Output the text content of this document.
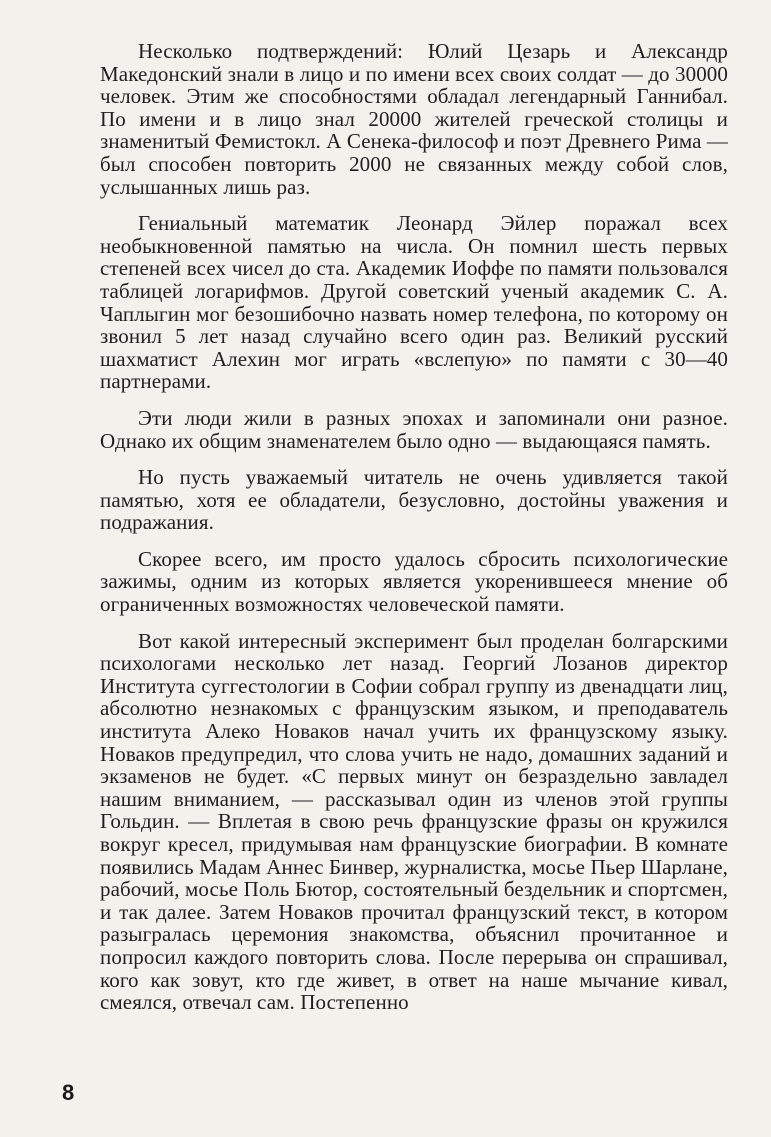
Несколько подтверждений: Юлий Цезарь и Александр Македонский знали в лицо и по имени всех своих солдат — до 30000 человек. Этим же способностями обладал легендарный Ганнибал. По имени и в лицо знал 20000 жителей греческой столицы и знаменитый Фемистокл. А Сенека-философ и поэт Древнего Рима — был способен повторить 2000 не связанных между собой слов, услышанных лишь раз.

Гениальный математик Леонард Эйлер поражал всех необыкновенной памятью на числа. Он помнил шесть первых степеней всех чисел до ста. Академик Иоффе по памяти пользовался таблицей логарифмов. Другой советский ученый академик С. А. Чаплыгин мог безошибочно назвать номер телефона, по которому он звонил 5 лет назад случайно всего один раз. Великий русский шахматист Алехин мог играть «вслепую» по памяти с 30—40 партнерами.

Эти люди жили в разных эпохах и запоминали они разное. Однако их общим знаменателем было одно — выдающаяся память.

Но пусть уважаемый читатель не очень удивляется такой памятью, хотя ее обладатели, безусловно, достойны уважения и подражания.

Скорее всего, им просто удалось сбросить психологические зажимы, одним из которых является укоренившееся мнение об ограниченных возможностях человеческой памяти.

Вот какой интересный эксперимент был проделан болгарскими психологами несколько лет назад. Георгий Лозанов директор Института суггестологии в Софии собрал группу из двенадцати лиц, абсолютно незнакомых с французским языком, и преподаватель института Алеко Новаков начал учить их французскому языку. Новаков предупредил, что слова учить не надо, домашних заданий и экзаменов не будет. «С первых минут он безраздельно завладел нашим вниманием, — рассказывал один из членов этой группы Гольдин. — Вплетая в свою речь французские фразы он кружился вокруг кресел, придумывая нам французские биографии. В комнате появились Мадам Аннес Бинвер, журналистка, мосье Пьер Шарлане, рабочий, мосье Поль Бютор, состоятельный бездельник и спортсмен, и так далее. Затем Новаков прочитал французский текст, в котором разыгралась церемония знакомства, объяснил прочитанное и попросил каждого повторить слова. После перерыва он спрашивал, кого как зовут, кто где живет, в ответ на наше мычание кивал, смеялся, отвечал сам. Постепенно

8
